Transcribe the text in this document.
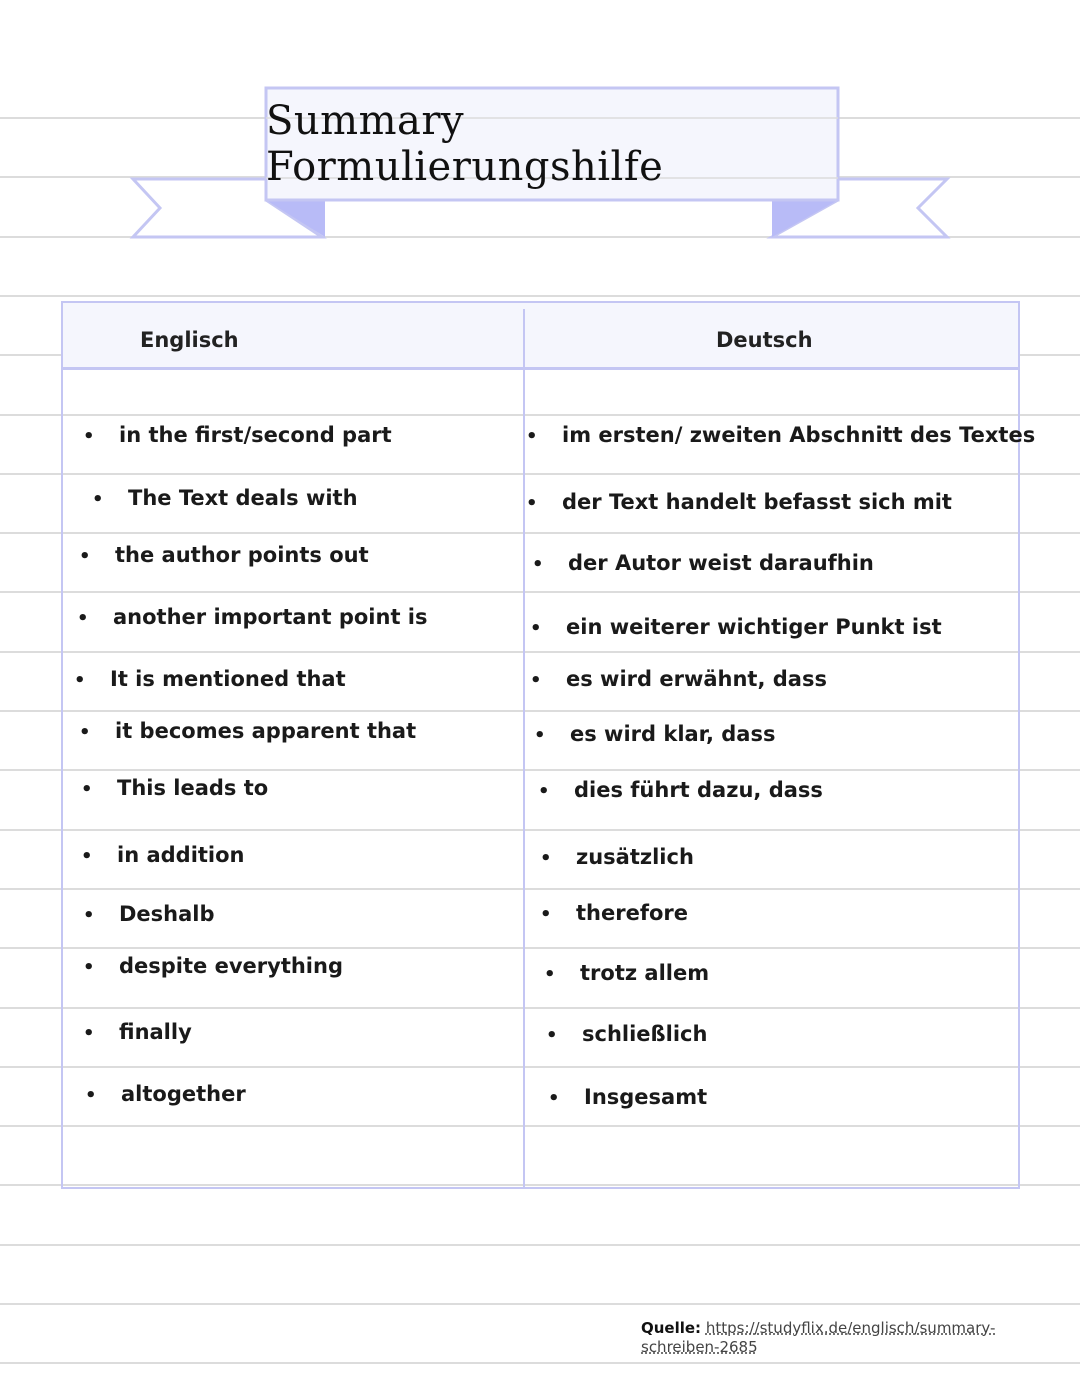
Summary Formulierungshilfe
Englisch	Deutsch
• in the first/second part	• im ersten/ zweiten Abschnitt des Textes
• The Text deals with	• der Text handelt befasst sich mit
• the author points out	• der Autor weist daraufhin
• another important point is	• ein weiterer wichtiger Punkt ist
• It is mentioned that	• es wird erwähnt, dass
• it becomes apparent that	• es wird klar, dass
• This leads to	• dies führt dazu, dass
• in addition	• zusätzlich
• Deshalb	• therefore
• despite everything	• trotz allem
• finally	• schließlich
• altogether	• Insgesamt
Quelle: https://studyflix.de/englisch/summary-schreiben-2685
